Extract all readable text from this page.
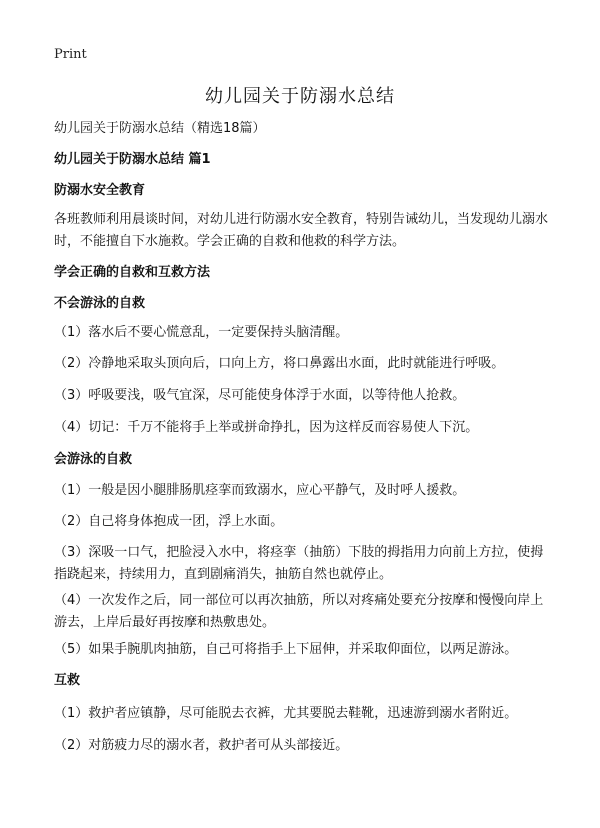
Print
幼儿园关于防溺水总结
幼儿园关于防溺水总结（精选18篇）
幼儿园关于防溺水总结 篇1
防溺水安全教育
各班教师利用晨谈时间，对幼儿进行防溺水安全教育，特别告诫幼儿，当发现幼儿溺水时，不能擅自下水施救。学会正确的自救和他救的科学方法。
学会正确的自救和互救方法
不会游泳的自救
（1）落水后不要心慌意乱，一定要保持头脑清醒。
（2）冷静地采取头顶向后，口向上方，将口鼻露出水面，此时就能进行呼吸。
（3）呼吸要浅，吸气宜深，尽可能使身体浮于水面，以等待他人抢救。
（4）切记：千万不能将手上举或拼命挣扎，因为这样反而容易使人下沉。
会游泳的自救
（1）一般是因小腿腓肠肌痉挛而致溺水，应心平静气，及时呼人援救。
（2）自己将身体抱成一团，浮上水面。
（3）深吸一口气，把脸浸入水中，将痉挛（抽筋）下肢的拇指用力向前上方拉，使拇指跷起来，持续用力，直到剧痛消失，抽筋自然也就停止。
（4）一次发作之后，同一部位可以再次抽筋，所以对疼痛处要充分按摩和慢慢向岸上游去，上岸后最好再按摩和热敷患处。
（5）如果手腕肌肉抽筋，自己可将指手上下屈伸，并采取仰面位，以两足游泳。
互救
（1）救护者应镇静，尽可能脱去衣裤，尤其要脱去鞋靴，迅速游到溺水者附近。
（2）对筋疲力尽的溺水者，救护者可从头部接近。
